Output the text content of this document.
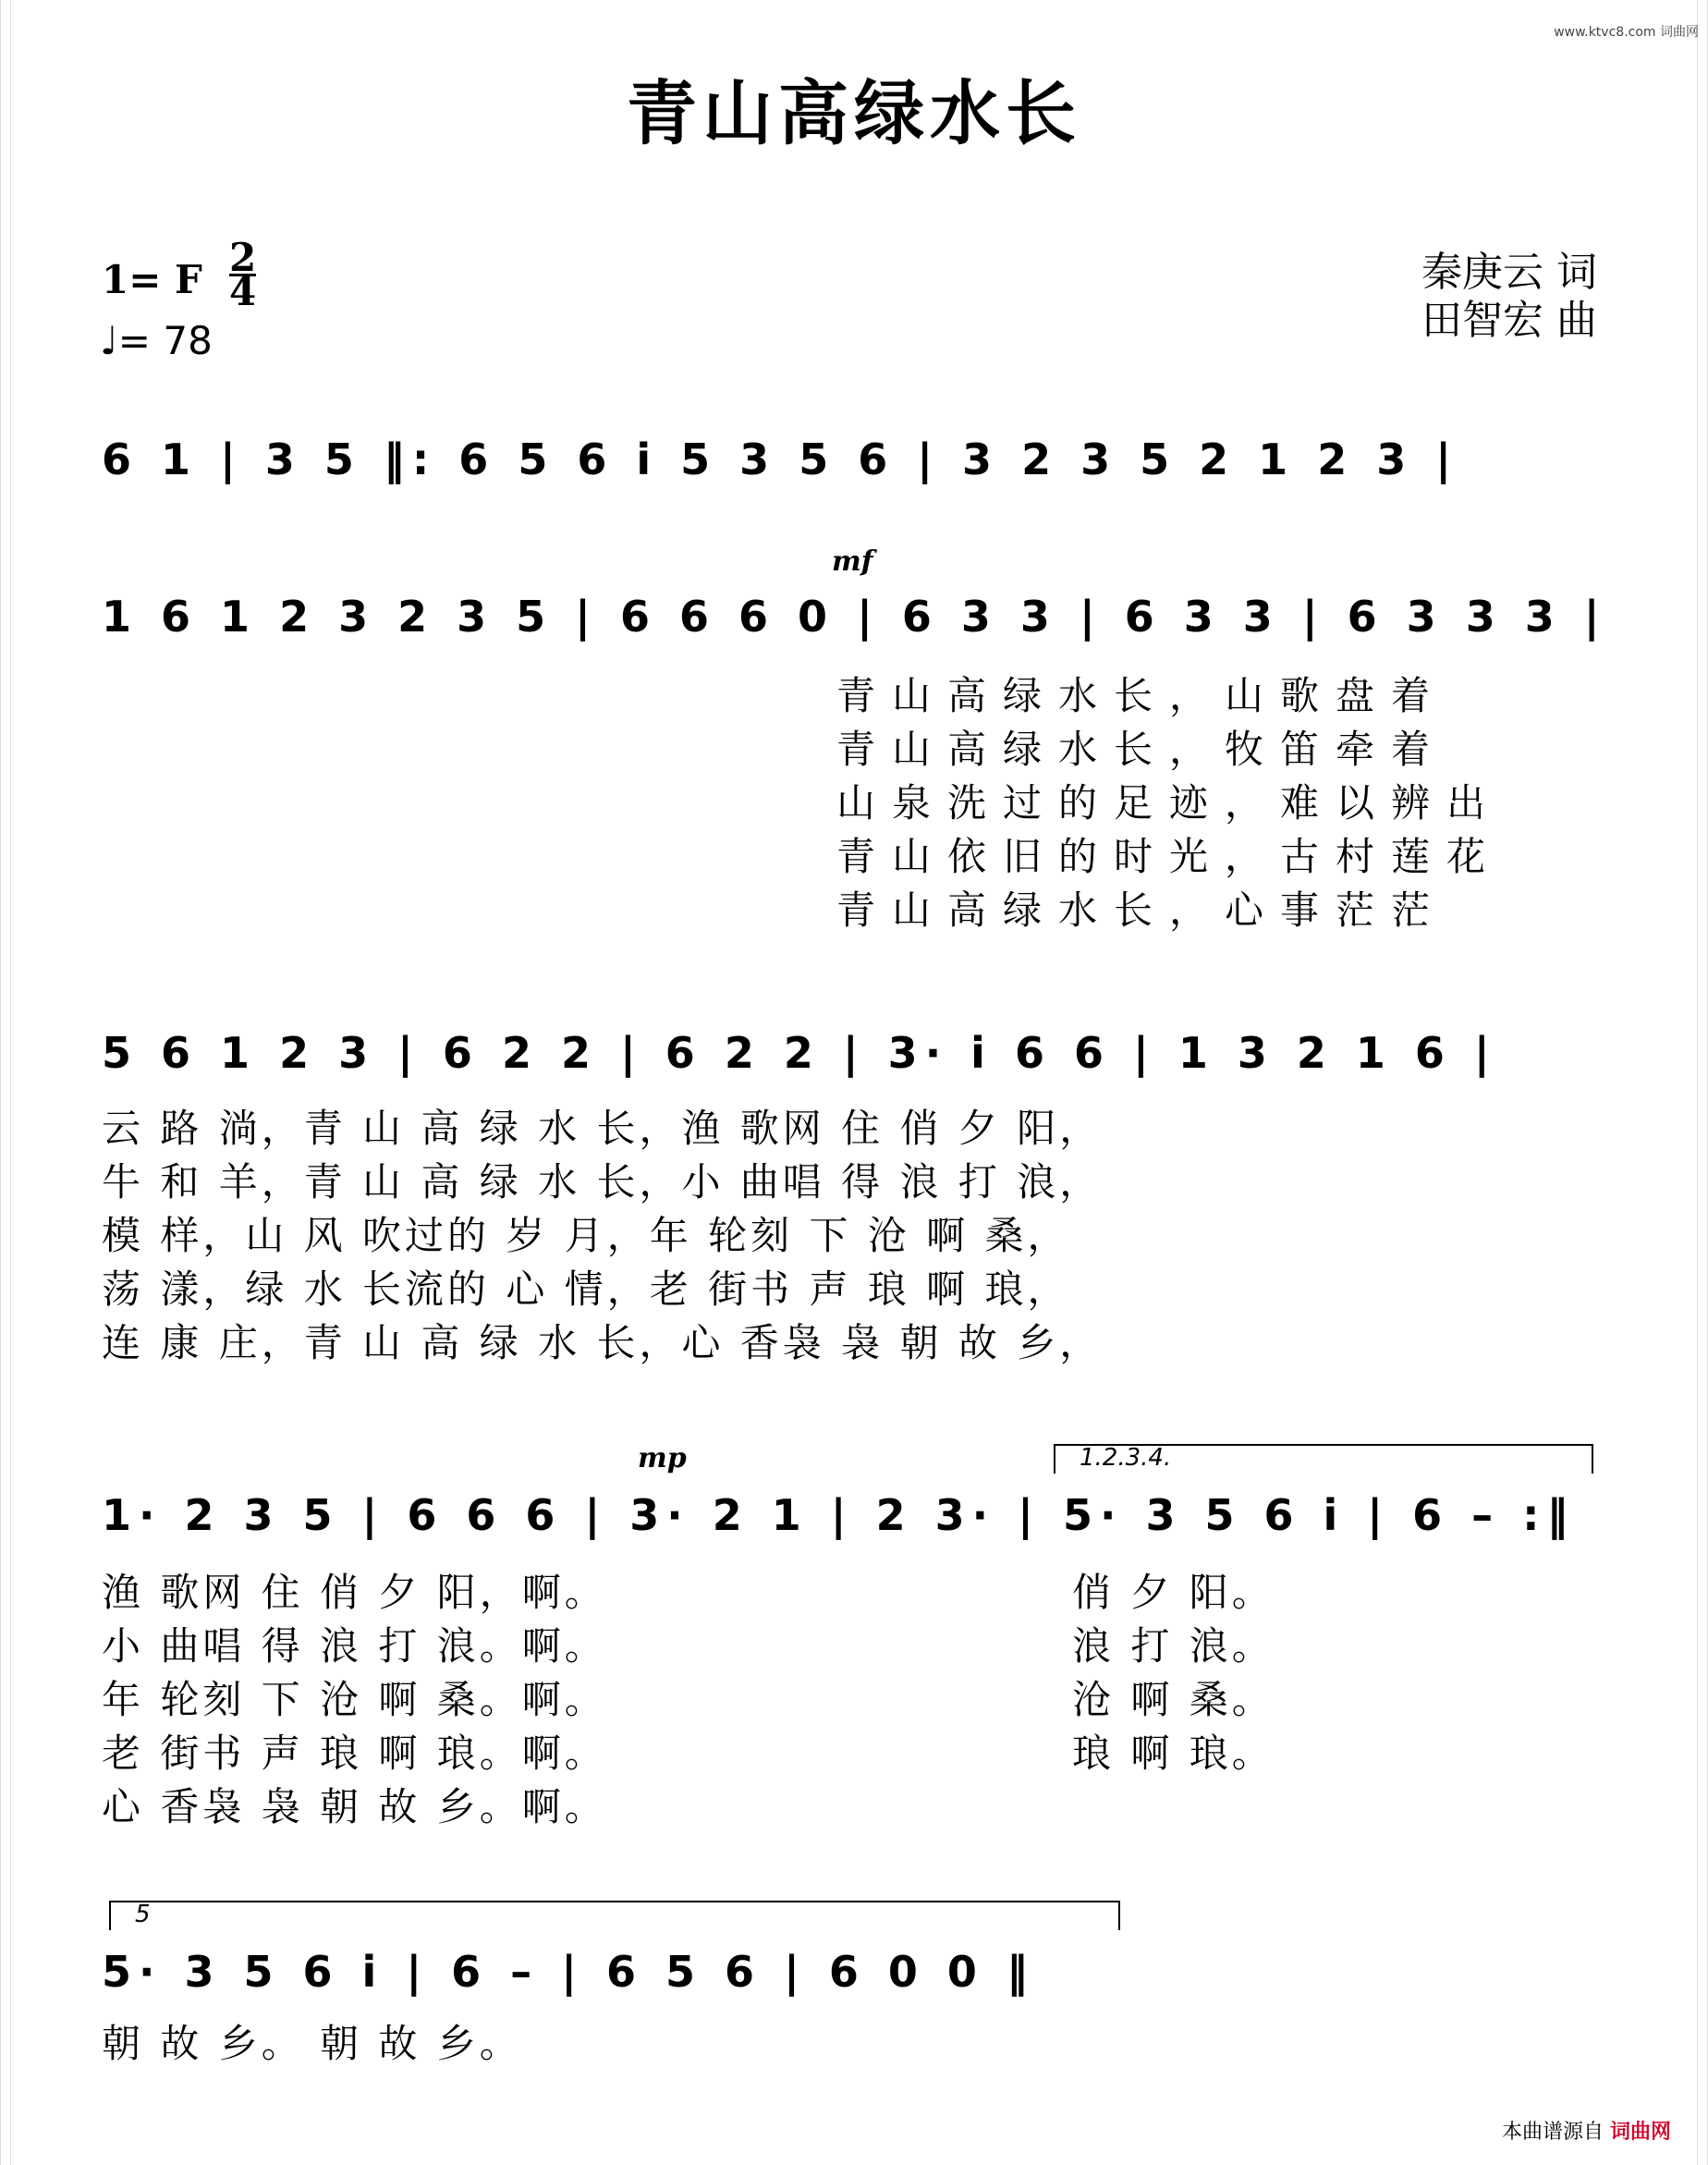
www.ktvc8.com 词曲网
青山高绿水长
1= F $\frac{2}{4}$
♩= 78
秦庚云 词
田智宏 曲
6 1 | 3 5 ‖: 6 5 6 i 5 3 5 6 | 3 2 3 5 2 1 2 3 |
mf
1 6 1 2 3 2 3 5 | 6 6 6 0 | 6 3 3 | 6 3 3 | 6 3 3 3 |
青山高绿水长，山歌盘着
青山高绿水长，牧笛牵着
山泉洗过的足迹，难以辨出
青山依旧的时光，古村莲花
青山高绿水长，心事茫茫
5 6 1 2 3 | 6 2 2 | 6 2 2 | 3· i 6 6 | 1 3 2 1 6 |
云 路 淌，青 山 高 绿 水 长，渔 歌网 住 俏 夕 阳，
牛 和 羊，青 山 高 绿 水 长，小 曲唱 得 浪 打 浪，
模 样，山 风 吹过的 岁 月，年 轮刻 下 沧 啊 桑，
荡 漾，绿 水 长流的 心 情，老 街书 声 琅 啊 琅，
连 康 庄，青 山 高 绿 水 长，心 香袅 袅 朝 故 乡，
mp	1.2.3.4.
1· 2 3 5 | 6 6 6 | 3· 2 1 | 2 3· | 5· 3 5 6 i | 6 – :‖
渔 歌网 住 俏 夕 阳，啊。
小 曲唱 得 浪 打 浪。啊。
年 轮刻 下 沧 啊 桑。啊。
老 街书 声 琅 啊 琅。啊。
心 香袅 袅 朝 故 乡。啊。
俏 夕 阳。
浪 打 浪。
沧 啊 桑。
琅 啊 琅。
5
5· 3 5 6 i | 6 – | 6 5 6 | 6 0 0 ‖
朝 故 乡。 朝 故 乡。
本曲谱源自 词曲网
